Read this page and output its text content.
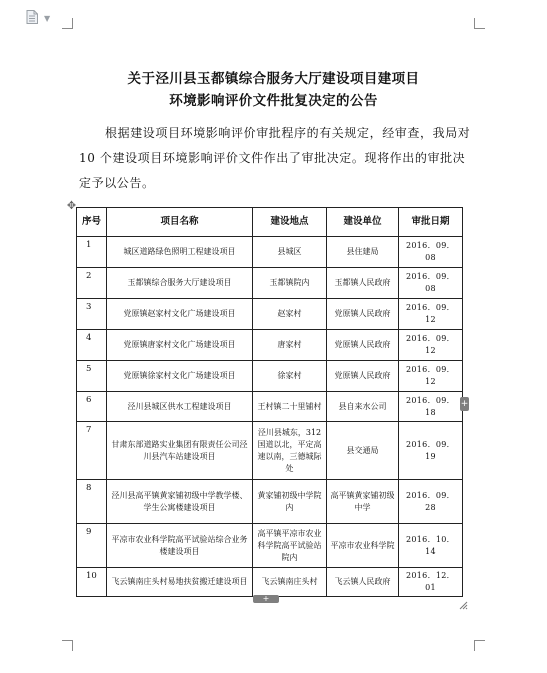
▼
关于泾川县玉都镇综合服务大厅建设项目建项目
环境影响评价文件批复决定的公告
根据建设项目环境影响评价审批程序的有关规定，经审查，我局对 10 个建设项目环境影响评价文件作出了审批决定。现将作出的审批决定予以公告。
✥
序号	项目名称	建设地点	建设单位	审批日期
1	城区道路绿色照明工程建设项目	县城区	县住建局	2016．09．08
2	玉都镇综合服务大厅建设项目	玉都镇院内	玉都镇人民政府	2016．09．08
3	党原镇赵家村文化广场建设项目	赵家村	党原镇人民政府	2016．09．12
4	党原镇唐家村文化广场建设项目	唐家村	党原镇人民政府	2016．09．12
5	党原镇徐家村文化广场建设项目	徐家村	党原镇人民政府	2016．09．12
6	泾川县城区供水工程建设项目	王村镇二十里铺村	县自来水公司	2016．09．18
7	甘肃东部道路实业集团有限责任公司泾川县汽车站建设项目	泾川县城东，312国道以北，平定高速以南，三德城际处	县交通局	2016．09．19
8	泾川县高平镇黄家铺初级中学教学楼、学生公寓楼建设项目	黄家铺初级中学院内	高平镇黄家铺初级中学	2016．09．28
9	平凉市农业科学院高平试验站综合业务楼建设项目	高平镇平凉市农业科学院高平试验站院内	平凉市农业科学院	2016．10．14
10	飞云镇南庄头村易地扶贫搬迁建设项目	飞云镇南庄头村	飞云镇人民政府	2016．12．01
+
+
